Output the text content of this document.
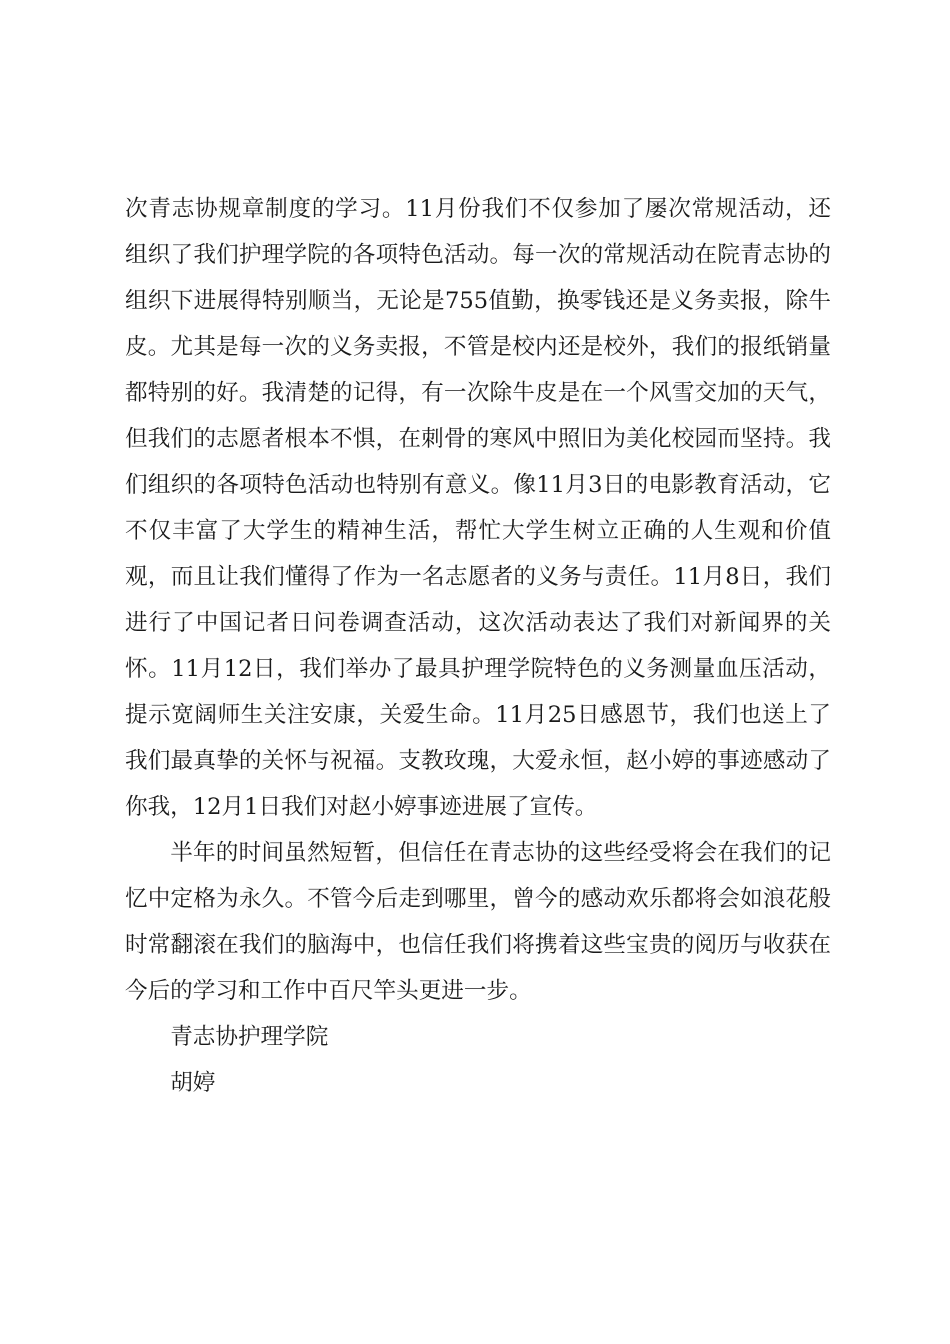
次青志协规章制度的学习。11月份我们不仅参加了屡次常规活动，还组织了我们护理学院的各项特色活动。每一次的常规活动在院青志协的组织下进展得特别顺当，无论是755值勤，换零钱还是义务卖报，除牛皮。尤其是每一次的义务卖报，不管是校内还是校外，我们的报纸销量都特别的好。我清楚的记得，有一次除牛皮是在一个风雪交加的天气，但我们的志愿者根本不惧，在刺骨的寒风中照旧为美化校园而坚持。我们组织的各项特色活动也特别有意义。像11月3日的电影教育活动，它不仅丰富了大学生的精神生活，帮忙大学生树立正确的人生观和价值观，而且让我们懂得了作为一名志愿者的义务与责任。11月8日，我们进行了中国记者日问卷调查活动，这次活动表达了我们对新闻界的关怀。11月12日，我们举办了最具护理学院特色的义务测量血压活动，提示宽阔师生关注安康，关爱生命。11月25日感恩节，我们也送上了我们最真挚的关怀与祝福。支教玫瑰，大爱永恒，赵小婷的事迹感动了你我，12月1日我们对赵小婷事迹进展了宣传。

半年的时间虽然短暂，但信任在青志协的这些经受将会在我们的记忆中定格为永久。不管今后走到哪里，曾今的感动欢乐都将会如浪花般时常翻滚在我们的脑海中，也信任我们将携着这些宝贵的阅历与收获在今后的学习和工作中百尺竿头更进一步。

青志协护理学院

胡婷
